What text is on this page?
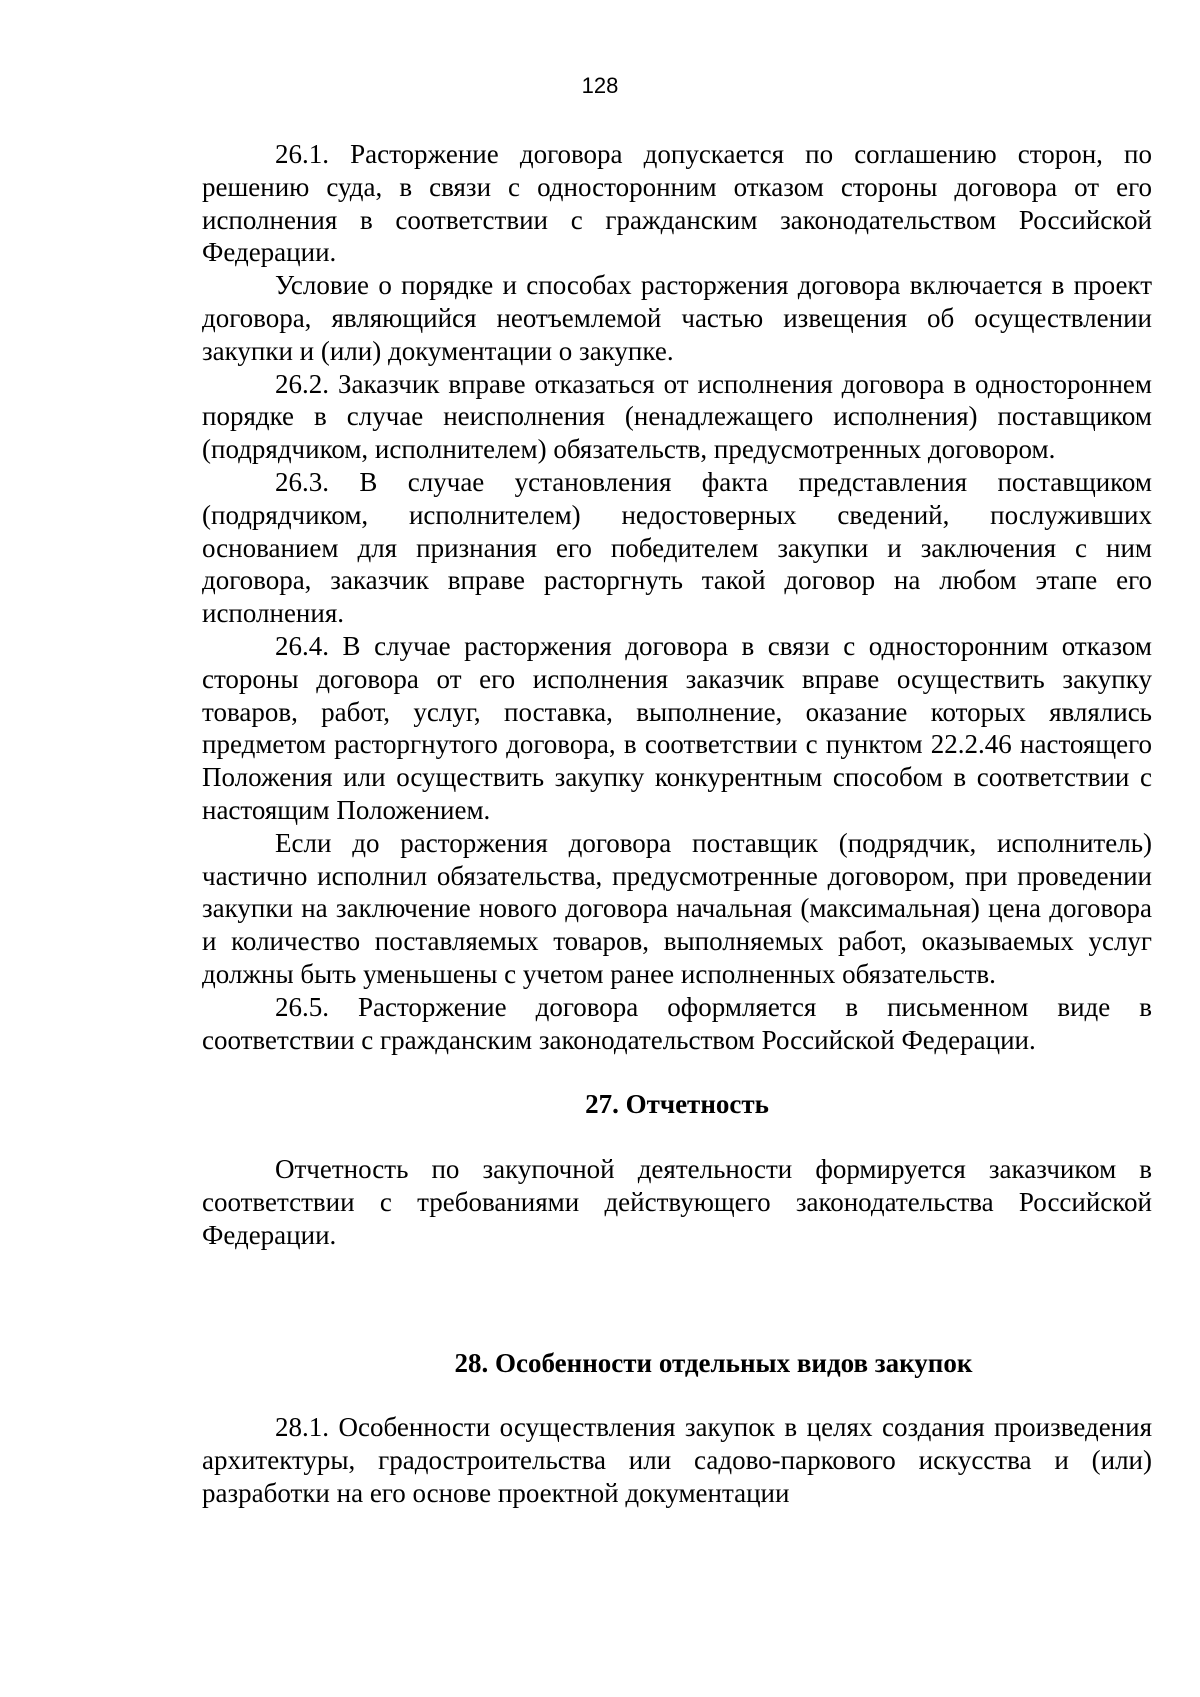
128

26.1. Расторжение договора допускается по соглашению сторон, по решению суда, в связи с односторонним отказом стороны договора от его исполнения в соответствии с гражданским законодательством Российской Федерации.

Условие о порядке и способах расторжения договора включается в проект договора, являющийся неотъемлемой частью извещения об осуществлении закупки и (или) документации о закупке.

26.2. Заказчик вправе отказаться от исполнения договора в одностороннем порядке в случае неисполнения (ненадлежащего исполнения) поставщиком (подрядчиком, исполнителем) обязательств, предусмотренных договором.

26.3. В случае установления факта представления поставщиком (подрядчиком, исполнителем) недостоверных сведений, послуживших основанием для признания его победителем закупки и заключения с ним договора, заказчик вправе расторгнуть такой договор на любом этапе его исполнения.

26.4. В случае расторжения договора в связи с односторонним отказом стороны договора от его исполнения заказчик вправе осуществить закупку товаров, работ, услуг, поставка, выполнение, оказание которых являлись предметом расторгнутого договора, в соответствии с пунктом 22.2.46 настоящего Положения или осуществить закупку конкурентным способом в соответствии с настоящим Положением.

Если до расторжения договора поставщик (подрядчик, исполнитель) частично исполнил обязательства, предусмотренные договором, при проведении закупки на заключение нового договора начальная (максимальная) цена договора и количество поставляемых товаров, выполняемых работ, оказываемых услуг должны быть уменьшены с учетом ранее исполненных обязательств.

26.5. Расторжение договора оформляется в письменном виде в соответствии с гражданским законодательством Российской Федерации.

27. Отчетность

Отчетность по закупочной деятельности формируется заказчиком в соответствии с требованиями действующего законодательства Российской Федерации.

28. Особенности отдельных видов закупок

28.1. Особенности осуществления закупок в целях создания произведения архитектуры, градостроительства или садово-паркового искусства и (или) разработки на его основе проектной документации
